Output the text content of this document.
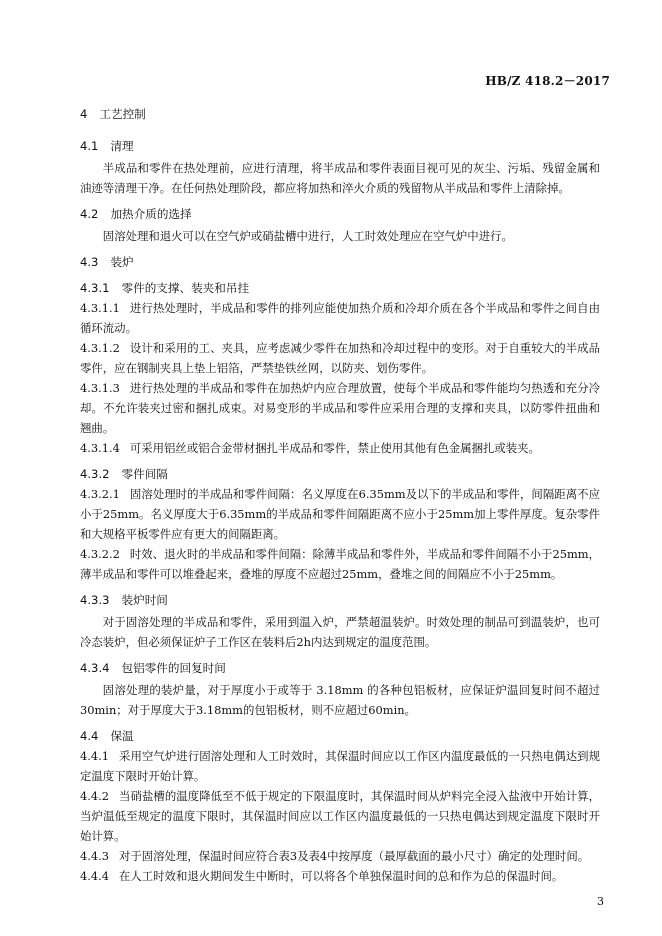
HB/Z 418.2－2017
4 工艺控制
4.1 清理
半成品和零件在热处理前，应进行清理，将半成品和零件表面目视可见的灰尘、污垢、残留金属和油迹等清理干净。在任何热处理阶段，都应将加热和淬火介质的残留物从半成品和零件上清除掉。
4.2 加热介质的选择
固溶处理和退火可以在空气炉或硝盐槽中进行，人工时效处理应在空气炉中进行。
4.3 装炉
4.3.1 零件的支撑、装夹和吊挂
4.3.1.1 进行热处理时，半成品和零件的排列应能使加热介质和冷却介质在各个半成品和零件之间自由循环流动。
4.3.1.2 设计和采用的工、夹具，应考虑减少零件在加热和冷却过程中的变形。对于自重较大的半成品零件，应在钢制夹具上垫上铝箔，严禁垫铁丝网，以防夹、划伤零件。
4.3.1.3 进行热处理的半成品和零件在加热炉内应合理放置，使每个半成品和零件能均匀热透和充分冷却。不允许装夹过密和捆扎成束。对易变形的半成品和零件应采用合理的支撑和夹具，以防零件扭曲和翘曲。
4.3.1.4 可采用铝丝或铝合金带材捆扎半成品和零件，禁止使用其他有色金属捆扎或装夹。
4.3.2 零件间隔
4.3.2.1 固溶处理时的半成品和零件间隔：名义厚度在6.35mm及以下的半成品和零件，间隔距离不应小于25mm。名义厚度大于6.35mm的半成品和零件间隔距离不应小于25mm加上零件厚度。复杂零件和大规格平板零件应有更大的间隔距离。
4.3.2.2 时效、退火时的半成品和零件间隔：除薄半成品和零件外，半成品和零件间隔不小于25mm，薄半成品和零件可以堆叠起来，叠堆的厚度不应超过25mm，叠堆之间的间隔应不小于25mm。
4.3.3 装炉时间
对于固溶处理的半成品和零件，采用到温入炉，严禁超温装炉。时效处理的制品可到温装炉，也可冷态装炉，但必须保证炉子工作区在装料后2h内达到规定的温度范围。
4.3.4 包铝零件的回复时间
固溶处理的装炉量，对于厚度小于或等于 3.18mm 的各种包铝板材，应保证炉温回复时间不超过30min；对于厚度大于3.18mm的包铝板材，则不应超过60min。
4.4 保温
4.4.1 采用空气炉进行固溶处理和人工时效时，其保温时间应以工作区内温度最低的一只热电偶达到规定温度下限时开始计算。
4.4.2 当硝盐槽的温度降低至不低于规定的下限温度时，其保温时间从炉料完全浸入盐液中开始计算，当炉温低至规定的温度下限时，其保温时间应以工作区内温度最低的一只热电偶达到规定温度下限时开始计算。
4.4.3 对于固溶处理，保温时间应符合表3及表4中按厚度（最厚截面的最小尺寸）确定的处理时间。
4.4.4 在人工时效和退火期间发生中断时，可以将各个单独保温时间的总和作为总的保温时间。
3
